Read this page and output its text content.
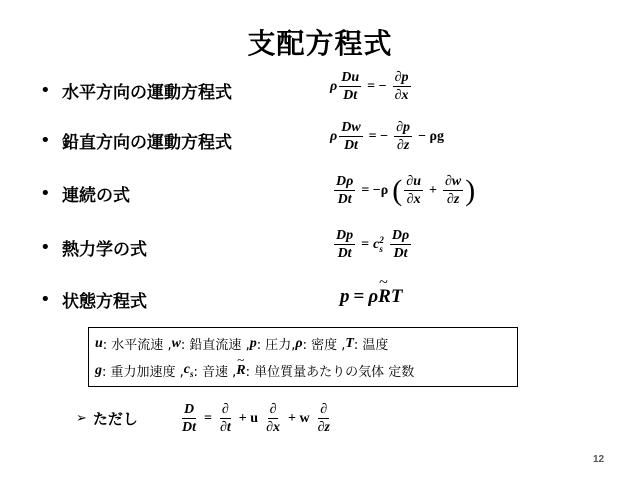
支配方程式
• 水平方向の運動方程式
• 鉛直方向の運動方程式
• 連続の式
• 熱力学の式
• 状態方程式
ρ $\frac{Du}{Dt}$ = − $\frac{\partial p}{\partial x}$
ρ $\frac{Dw}{Dt}$ = − $\frac{\partial p}{\partial z} - \rho g$
$\frac{D\rho}{Dt} = -\rho$ ( $\frac{\partial u}{\partial x} + \frac{\partial w}{\partial z}$ )
$\frac{Dp}{Dt} = c$ 2
s $\frac{D\rho}{Dt}$
p = ρ
~
R T
u : 水平流速 , w : 鉛直流速 , p : 圧力, ρ : 密度 , T : 温度
g : 重力加速度 , $c_s$ : 音速 ,
~
R : 単位質量あたりの気体 定数
➢ ただし	$\frac{D}{Dt} = \frac{\partial}{\partial t} + u \frac{\partial}{\partial x} + w \frac{\partial}{\partial z}$
12
